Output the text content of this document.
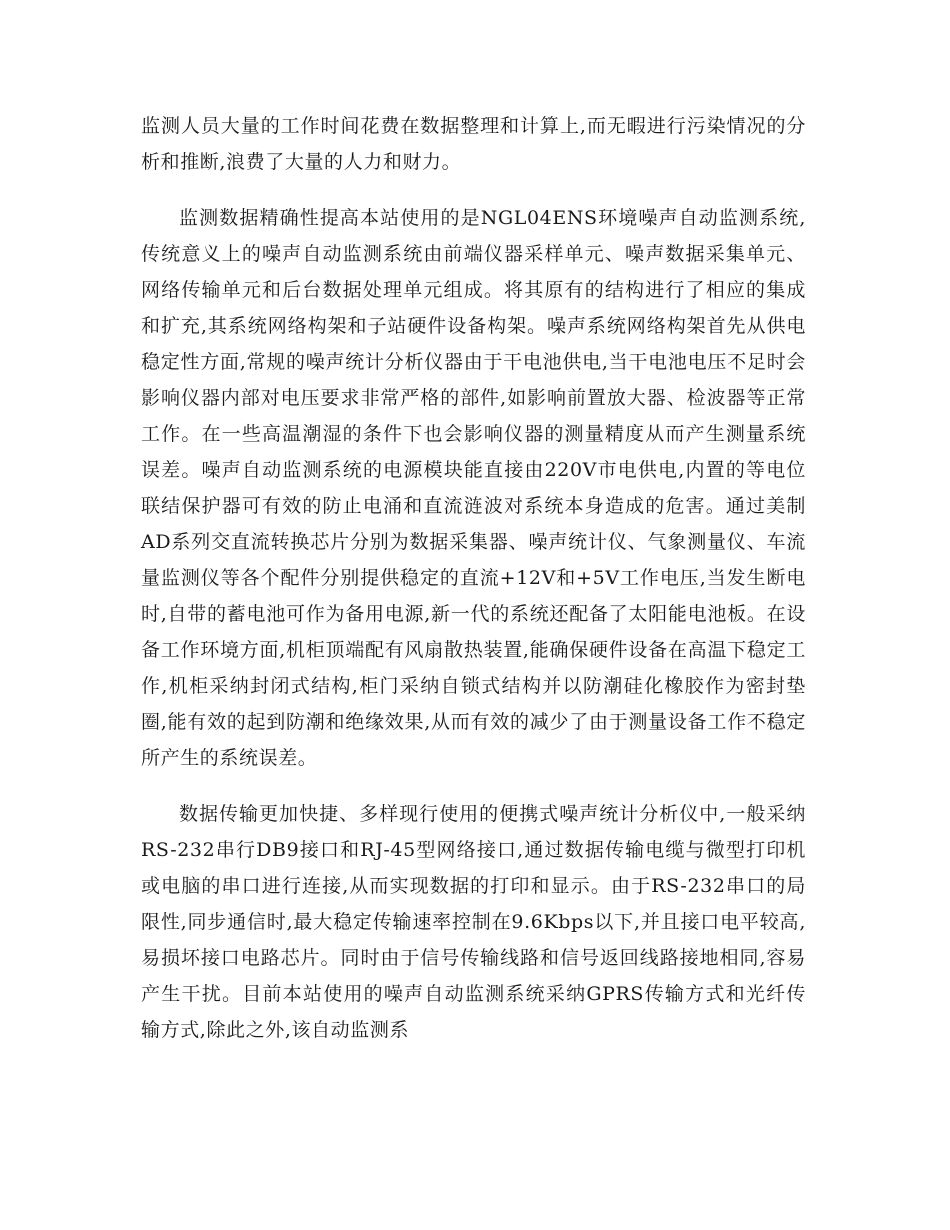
监测人员大量的工作时间花费在数据整理和计算上,而无暇进行污染情况的分析和推断,浪费了大量的人力和财力。

监测数据精确性提高本站使用的是NGL04ENS环境噪声自动监测系统,传统意义上的噪声自动监测系统由前端仪器采样单元、噪声数据采集单元、网络传输单元和后台数据处理单元组成。将其原有的结构进行了相应的集成和扩充,其系统网络构架和子站硬件设备构架。噪声系统网络构架首先从供电稳定性方面,常规的噪声统计分析仪器由于干电池供电,当干电池电压不足时会影响仪器内部对电压要求非常严格的部件,如影响前置放大器、检波器等正常工作。在一些高温潮湿的条件下也会影响仪器的测量精度从而产生测量系统误差。噪声自动监测系统的电源模块能直接由220V市电供电,内置的等电位联结保护器可有效的防止电涌和直流涟波对系统本身造成的危害。通过美制AD系列交直流转换芯片分别为数据采集器、噪声统计仪、气象测量仪、车流量监测仪等各个配件分别提供稳定的直流+12V和+5V工作电压,当发生断电时,自带的蓄电池可作为备用电源,新一代的系统还配备了太阳能电池板。在设备工作环境方面,机柜顶端配有风扇散热装置,能确保硬件设备在高温下稳定工作,机柜采纳封闭式结构,柜门采纳自锁式结构并以防潮硅化橡胶作为密封垫圈,能有效的起到防潮和绝缘效果,从而有效的减少了由于测量设备工作不稳定所产生的系统误差。

数据传输更加快捷、多样现行使用的便携式噪声统计分析仪中,一般采纳RS-232串行DB9接口和RJ-45型网络接口,通过数据传输电缆与微型打印机或电脑的串口进行连接,从而实现数据的打印和显示。由于RS-232串口的局限性,同步通信时,最大稳定传输速率控制在9.6Kbps以下,并且接口电平较高,易损坏接口电路芯片。同时由于信号传输线路和信号返回线路接地相同,容易产生干扰。目前本站使用的噪声自动监测系统采纳GPRS传输方式和光纤传输方式,除此之外,该自动监测系
